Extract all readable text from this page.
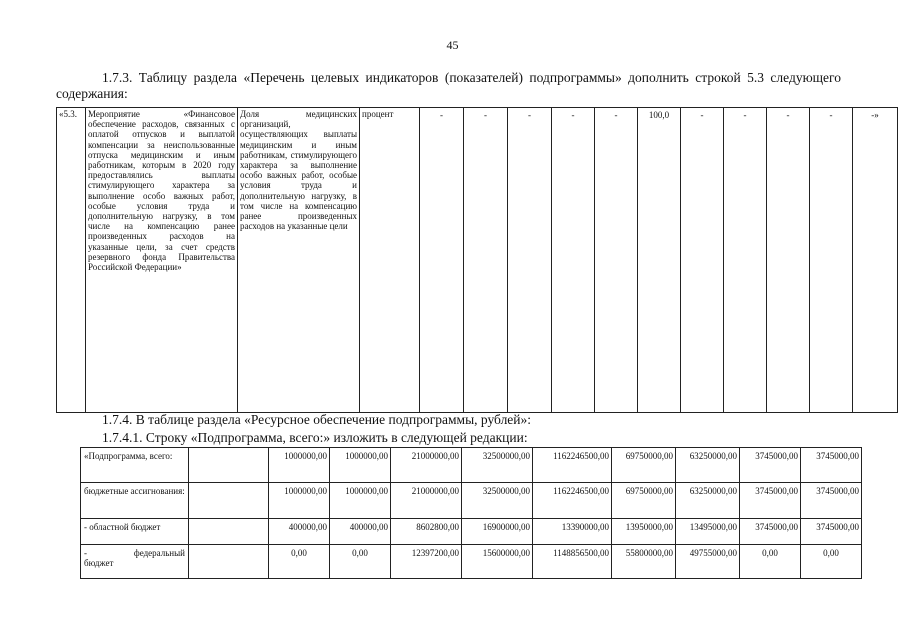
45
1.7.3. Таблицу раздела «Перечень целевых индикаторов (показателей) подпрограммы» дополнить строкой 5.3 следующего содержания:
«5.3.	Мероприятие «Финансовое обеспечение расходов, связанных с оплатой отпусков и выплатой компенсации за неиспользованные отпуска медицинским и иным работникам, которым в 2020 году предоставлялись выплаты стимулирующего характера за выполнение особо важных работ, особые условия труда и дополнительную нагрузку, в том числе на компенсацию ранее произведенных расходов на указанные цели, за счет средств резервного фонда Правительства Российской Федерации»	Доля медицинских организаций, осуществляющих выплаты медицинским и иным работникам, стимулирующего характера за выполнение особо важных работ, особые условия труда и дополнительную нагрузку, в том числе на компенсацию ранее произведенных расходов на указанные цели	процент	-	-	-	-	-	100,0	-	-	-	-	-»
1.7.4. В таблице раздела «Ресурсное обеспечение подпрограммы, рублей»:
1.7.4.1. Строку «Подпрограмма, всего:» изложить в следующей редакции:
«Подпрограмма, всего:		1000000,00	1000000,00	21000000,00	32500000,00	1162246500,00	69750000,00	63250000,00	3745000,00	3745000,00
бюджетные ассигнования:		1000000,00	1000000,00	21000000,00	32500000,00	1162246500,00	69750000,00	63250000,00	3745000,00	3745000,00
- областной бюджет		400000,00	400000,00	8602800,00	16900000,00	13390000,00	13950000,00	13495000,00	3745000,00	3745000,00

- федеральный
бюджет		0,00	0,00	12397200,00	15600000,00	1148856500,00	55800000,00	49755000,00	0,00	0,00
